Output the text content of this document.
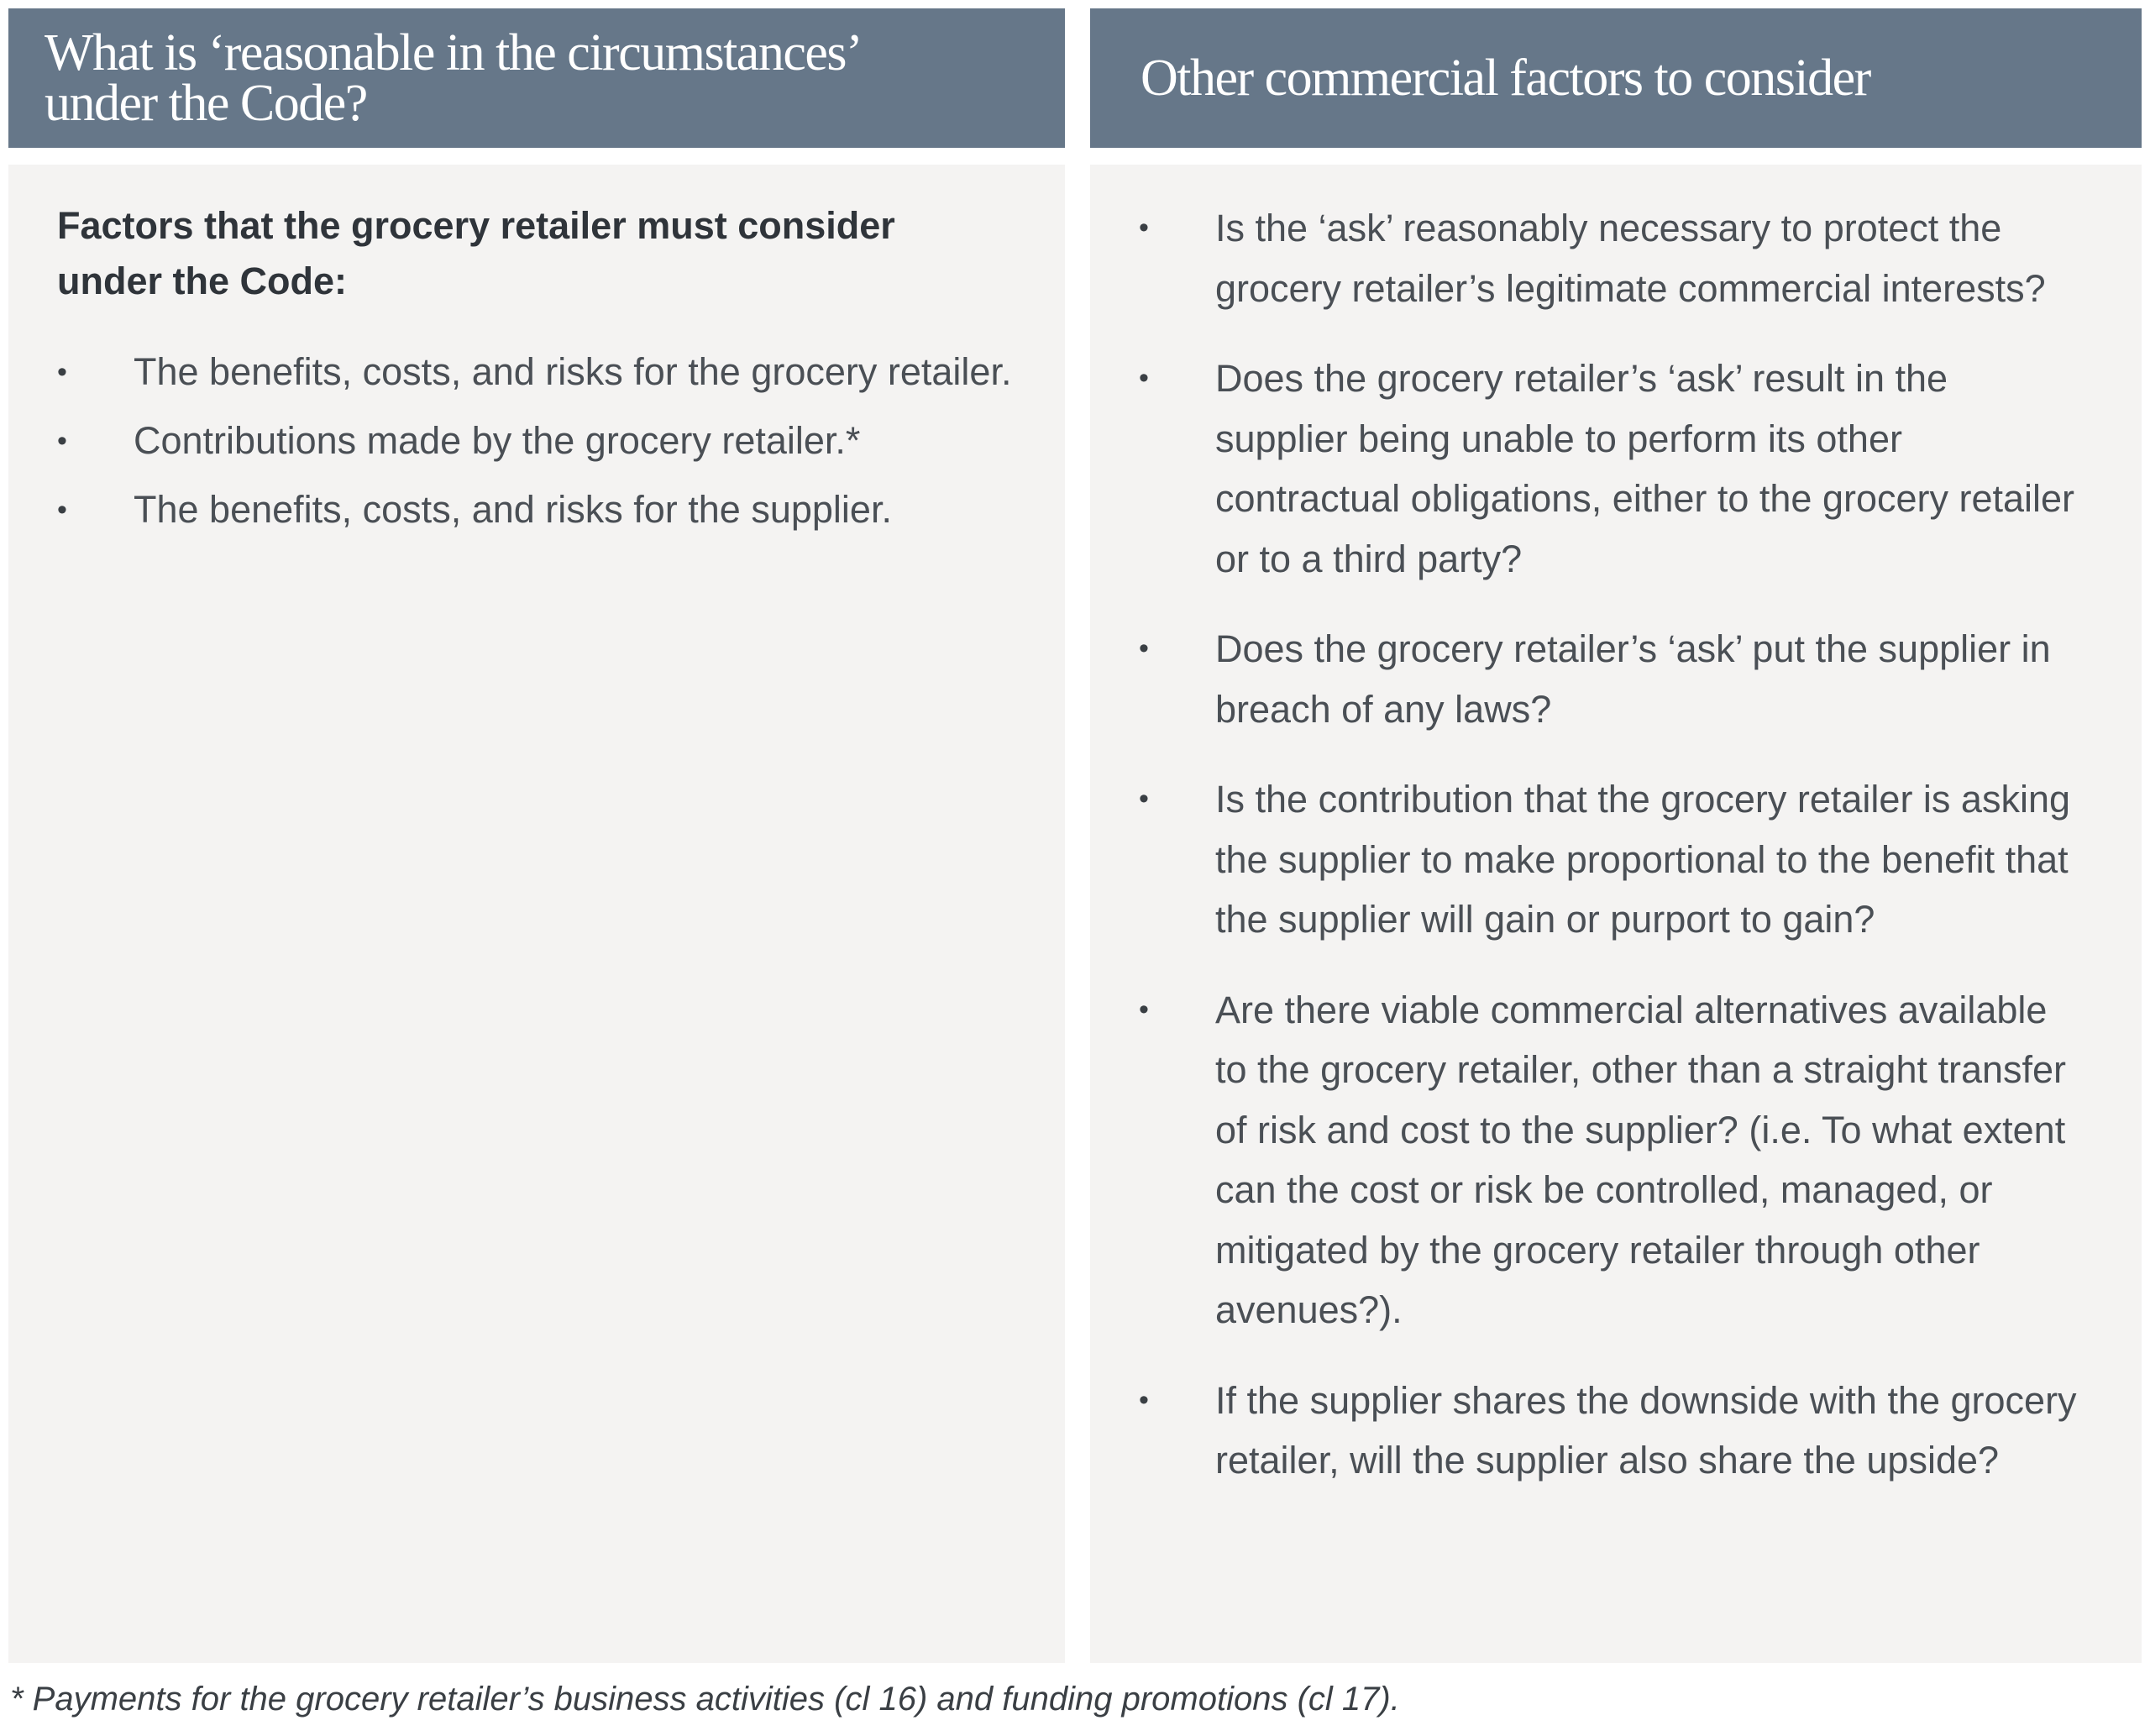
What is ‘reasonable in the circumstances’ under the Code?	Other commercial factors to consider

Factors that the grocery retailer must consider under the Code:

• The benefits, costs, and risks for the grocery retailer.
• Contributions made by the grocery retailer.*
• The benefits, costs, and risks for the supplier.
• Is the ‘ask’ reasonably necessary to protect the grocery retailer’s legitimate commercial interests?
• Does the grocery retailer’s ‘ask’ result in the supplier being unable to perform its other contractual obligations, either to the grocery retailer or to a third party?
• Does the grocery retailer’s ‘ask’ put the supplier in breach of any laws?
• Is the contribution that the grocery retailer is asking the supplier to make proportional to the benefit that the supplier will gain or purport to gain?
• Are there viable commercial alternatives available to the grocery retailer, other than a straight transfer of risk and cost to the supplier? (i.e. To what extent can the cost or risk be controlled, managed, or mitigated by the grocery retailer through other avenues?).
• If the supplier shares the downside with the grocery retailer, will the supplier also share the upside?
* Payments for the grocery retailer’s business activities (cl 16) and funding promotions (cl 17).
